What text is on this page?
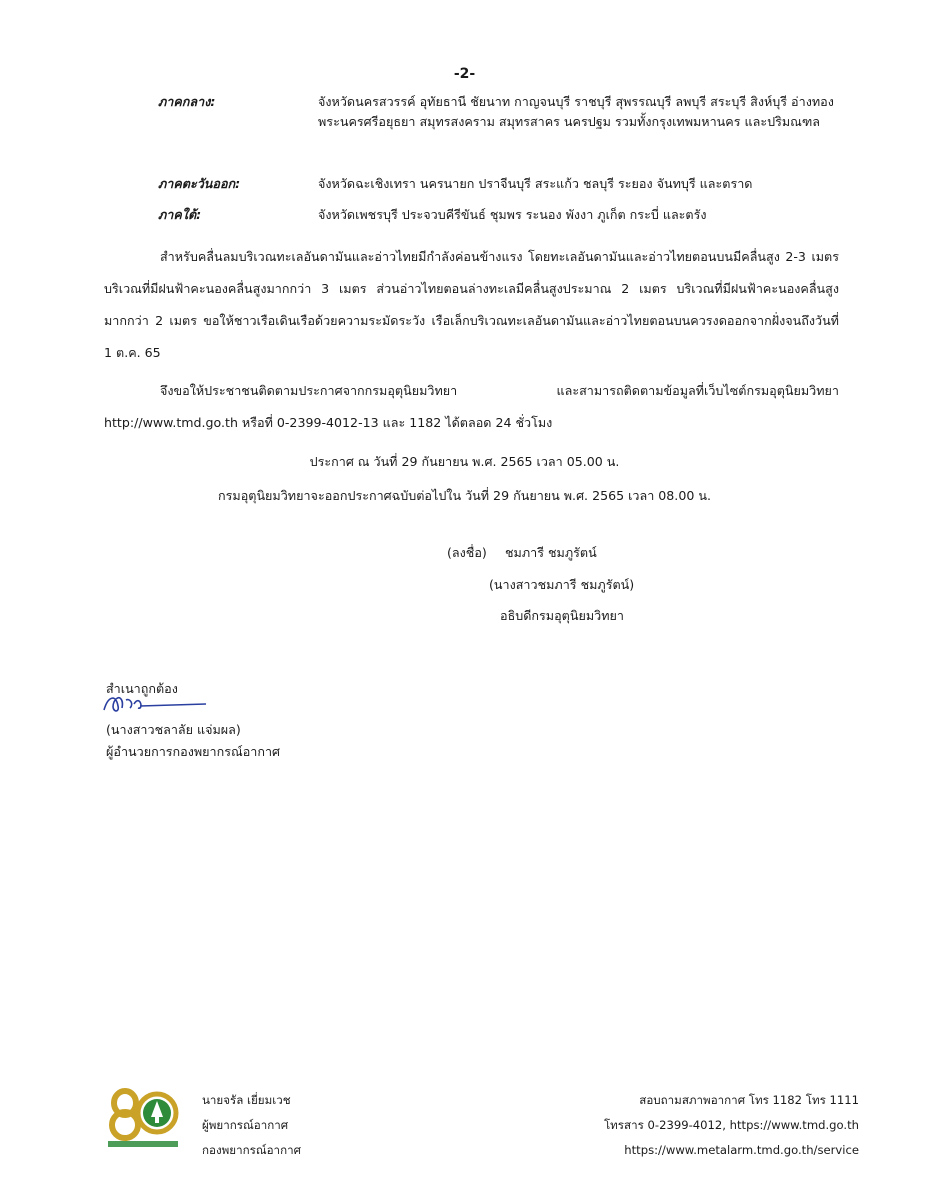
-2-
ภาคกลาง:	จังหวัดนครสวรรค์ อุทัยธานี ชัยนาท กาญจนบุรี ราชบุรี สุพรรณบุรี ลพบุรี สระบุรี สิงห์บุรี อ่างทอง พระนครศรีอยุธยา สมุทรสงคราม สมุทรสาคร นครปฐม รวมทั้งกรุงเทพมหานคร และปริมณฑล
ภาคตะวันออก:	จังหวัดฉะเชิงเทรา นครนายก ปราจีนบุรี สระแก้ว ชลบุรี ระยอง จันทบุรี และตราด
ภาคใต้:	จังหวัดเพชรบุรี ประจวบคีรีขันธ์ ชุมพร ระนอง พังงา ภูเก็ต กระบี่ และตรัง
สำหรับคลื่นลมบริเวณทะเลอันดามันและอ่าวไทยมีกำลังค่อนข้างแรง โดยทะเลอันดามันและอ่าวไทยตอนบนมีคลื่นสูง 2-3 เมตร บริเวณที่มีฝนฟ้าคะนองคลื่นสูงมากกว่า 3 เมตร ส่วนอ่าวไทยตอนล่างทะเลมีคลื่นสูงประมาณ 2 เมตร บริเวณที่มีฝนฟ้าคะนองคลื่นสูงมากกว่า 2 เมตร ขอให้ชาวเรือเดินเรือด้วยความระมัดระวัง เรือเล็กบริเวณทะเลอันดามันและอ่าวไทยตอนบนควรงดออกจากฝั่งจนถึงวันที่ 1 ต.ค. 65
จึงขอให้ประชาชนติดตามประกาศจากกรมอุตุนิยมวิทยา และสามารถติดตามข้อมูลที่เว็บไซต์กรมอุตุนิยมวิทยา http://www.tmd.go.th หรือที่ 0-2399-4012-13 และ 1182 ได้ตลอด 24 ชั่วโมง
ประกาศ ณ วันที่ 29 กันยายน พ.ศ. 2565 เวลา 05.00 น.
กรมอุตุนิยมวิทยาจะออกประกาศฉบับต่อไปใน วันที่ 29 กันยายน พ.ศ. 2565 เวลา 08.00 น.
(ลงชื่อ) ชมภารี ชมภูรัตน์
(นางสาวชมภารี ชมภูรัตน์)
อธิบดีกรมอุตุนิยมวิทยา
สำเนาถูกต้อง
(นางสาวชลาลัย แจ่มผล)
ผู้อำนวยการกองพยากรณ์อากาศ
นายจรัล เยี่ยมเวช
ผู้พยากรณ์อากาศ
กองพยากรณ์อากาศ
สอบถามสภาพอากาศ โทร 1182 โทร 1111
โทรสาร 0-2399-4012, https://www.tmd.go.th
https://www.metalarm.tmd.go.th/service
